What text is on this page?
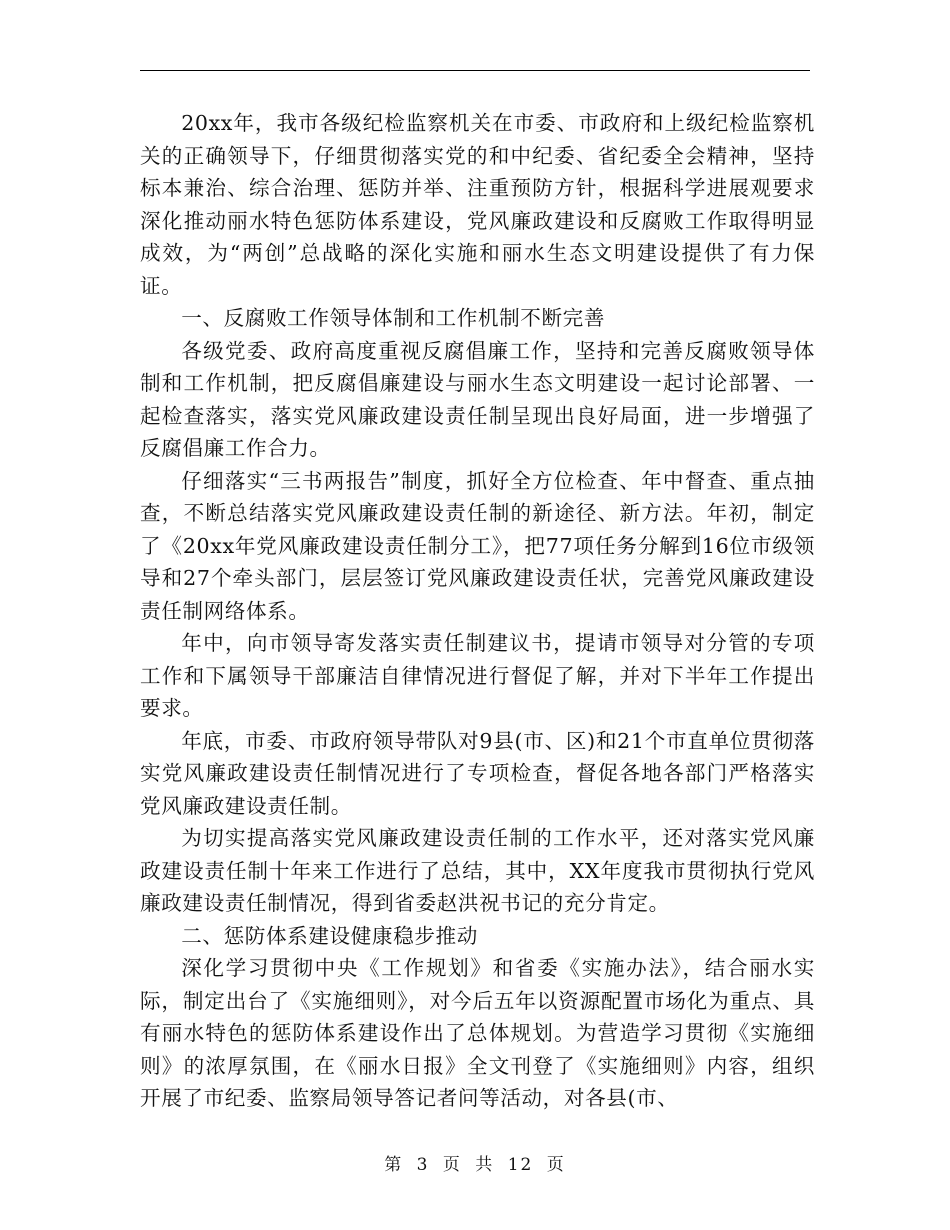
20xx年，我市各级纪检监察机关在市委、市政府和上级纪检监察机关的正确领导下，仔细贯彻落实党的和中纪委、省纪委全会精神，坚持标本兼治、综合治理、惩防并举、注重预防方针，根据科学进展观要求深化推动丽水特色惩防体系建设，党风廉政建设和反腐败工作取得明显成效，为“两创”总战略的深化实施和丽水生态文明建设提供了有力保证。

一、反腐败工作领导体制和工作机制不断完善

各级党委、政府高度重视反腐倡廉工作，坚持和完善反腐败领导体制和工作机制，把反腐倡廉建设与丽水生态文明建设一起讨论部署、一起检查落实，落实党风廉政建设责任制呈现出良好局面，进一步增强了反腐倡廉工作合力。

仔细落实“三书两报告”制度，抓好全方位检查、年中督查、重点抽查，不断总结落实党风廉政建设责任制的新途径、新方法。年初，制定了《20xx年党风廉政建设责任制分工》，把77项任务分解到16位市级领导和27个牵头部门，层层签订党风廉政建设责任状，完善党风廉政建设责任制网络体系。

年中，向市领导寄发落实责任制建议书，提请市领导对分管的专项工作和下属领导干部廉洁自律情况进行督促了解，并对下半年工作提出要求。

年底，市委、市政府领导带队对9县(市、区)和21个市直单位贯彻落实党风廉政建设责任制情况进行了专项检查，督促各地各部门严格落实党风廉政建设责任制。

为切实提高落实党风廉政建设责任制的工作水平，还对落实党风廉政建设责任制十年来工作进行了总结，其中，XX年度我市贯彻执行党风廉政建设责任制情况，得到省委赵洪祝书记的充分肯定。

二、惩防体系建设健康稳步推动

深化学习贯彻中央《工作规划》和省委《实施办法》，结合丽水实际，制定出台了《实施细则》，对今后五年以资源配置市场化为重点、具有丽水特色的惩防体系建设作出了总体规划。为营造学习贯彻《实施细则》的浓厚氛围，在《丽水日报》全文刊登了《实施细则》内容，组织开展了市纪委、监察局领导答记者问等活动，对各县(市、

第 3 页 共 12 页
